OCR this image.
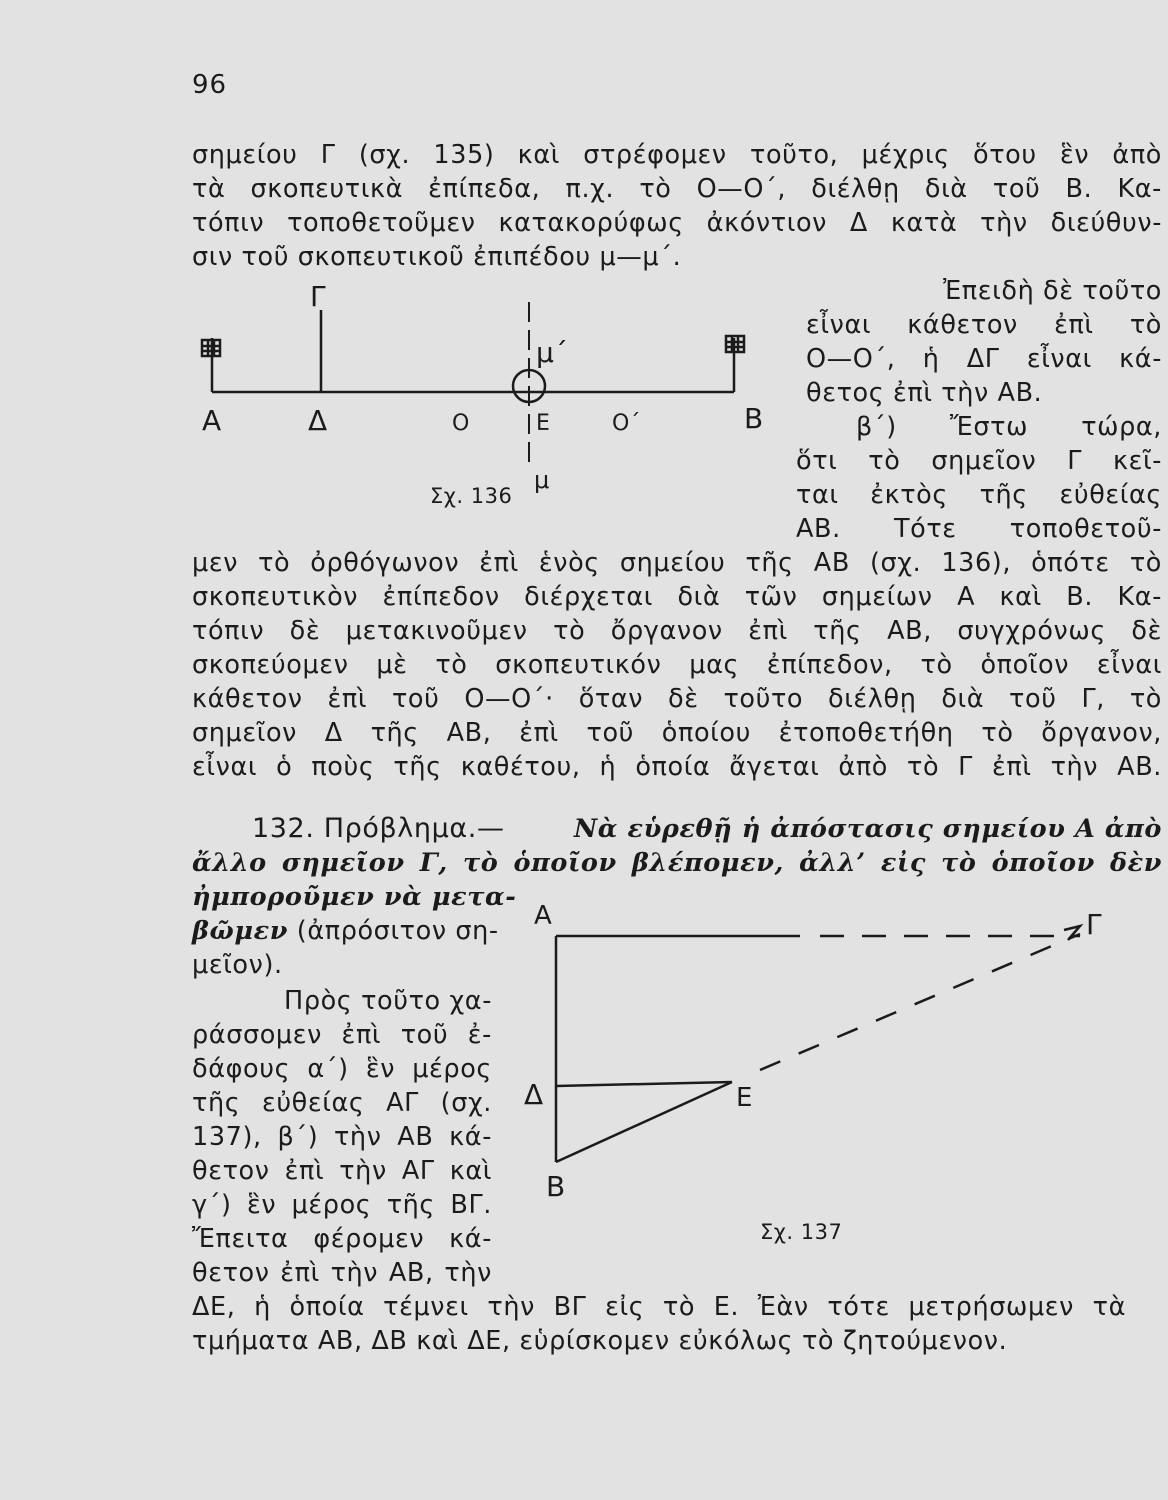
96
σημείου Γ (σχ. 135) καὶ στρέφομεν τοῦτο, μέχρις ὅτου ἓν ἀπὸ
τὰ σκοπευτικὰ ἐπίπεδα, π.χ. τὸ Ο—Ο΄, διέλθῃ διὰ τοῦ Β. Κα-
τόπιν τοποθετοῦμεν κατακορύφως ἀκόντιον Δ κατὰ τὴν διεύθυν-
σιν τοῦ σκοπευτικοῦ ἐπιπέδου μ—μ΄.
Ἐπειδὴ δὲ τοῦτο
εἶναι κάθετον ἐπὶ τὸ
Ο—Ο΄, ἡ ΔΓ εἶναι κά-
θετος ἐπὶ τὴν ΑΒ.
β΄) Ἔστω τώρα,
ὅτι τὸ σημεῖον Γ κεῖ-
ται ἐκτὸς τῆς εὐθείας
ΑΒ. Τότε τοποθετοῦ-
Α	Δ	Ο	Ε	Ο΄	Β
Γ
μ΄
μ
Σχ. 136
μεν τὸ ὀρθόγωνον ἐπὶ ἑνὸς σημείου τῆς ΑΒ (σχ. 136), ὁπότε τὸ
σκοπευτικὸν ἐπίπεδον διέρχεται διὰ τῶν σημείων Α καὶ Β. Κα-
τόπιν δὲ μετακινοῦμεν τὸ ὄργανον ἐπὶ τῆς ΑΒ, συγχρόνως δὲ
σκοπεύομεν μὲ τὸ σκοπευτικόν μας ἐπίπεδον, τὸ ὁποῖον εἶναι
κάθετον ἐπὶ τοῦ Ο—Ο΄· ὅταν δὲ τοῦτο διέλθῃ διὰ τοῦ Γ, τὸ
σημεῖον Δ τῆς ΑΒ, ἐπὶ τοῦ ὁποίου ἐτοποθετήθη τὸ ὄργανον,
εἶναι ὁ ποὺς τῆς καθέτου, ἡ ὁποία ἄγεται ἀπὸ τὸ Γ ἐπὶ τὴν ΑΒ.
132. Πρόβλημα.—	Νὰ εὑρεθῇ ἡ ἀπόστασις σημείου Α ἀπὸ
ἄλλο σημεῖον Γ, τὸ ὁποῖον βλέπομεν, ἀλλ’ εἰς τὸ ὁποῖον δὲν
ἠμποροῦμεν νὰ μετα-
βῶμεν (ἀπρόσιτον ση-
μεῖον).
Πρὸς τοῦτο χα-
ράσσομεν ἐπὶ τοῦ ἐ-
δάφους α΄) ἓν μέρος
τῆς εὐθείας ΑΓ (σχ.
137), β΄) τὴν ΑΒ κά-
θετον ἐπὶ τὴν ΑΓ καὶ
γ΄) ἓν μέρος τῆς ΒΓ.
Ἔπειτα φέρομεν κά-
θετον ἐπὶ τὴν ΑΒ, τὴν
Α	Γ
Δ	Ε
Β
Σχ. 137
ΔΕ, ἡ ὁποία τέμνει τὴν ΒΓ εἰς τὸ Ε. Ἐὰν τότε μετρήσωμεν τὰ
τμήματα ΑΒ, ΔΒ καὶ ΔΕ, εὑρίσκομεν εὐκόλως τὸ ζητούμενον.
